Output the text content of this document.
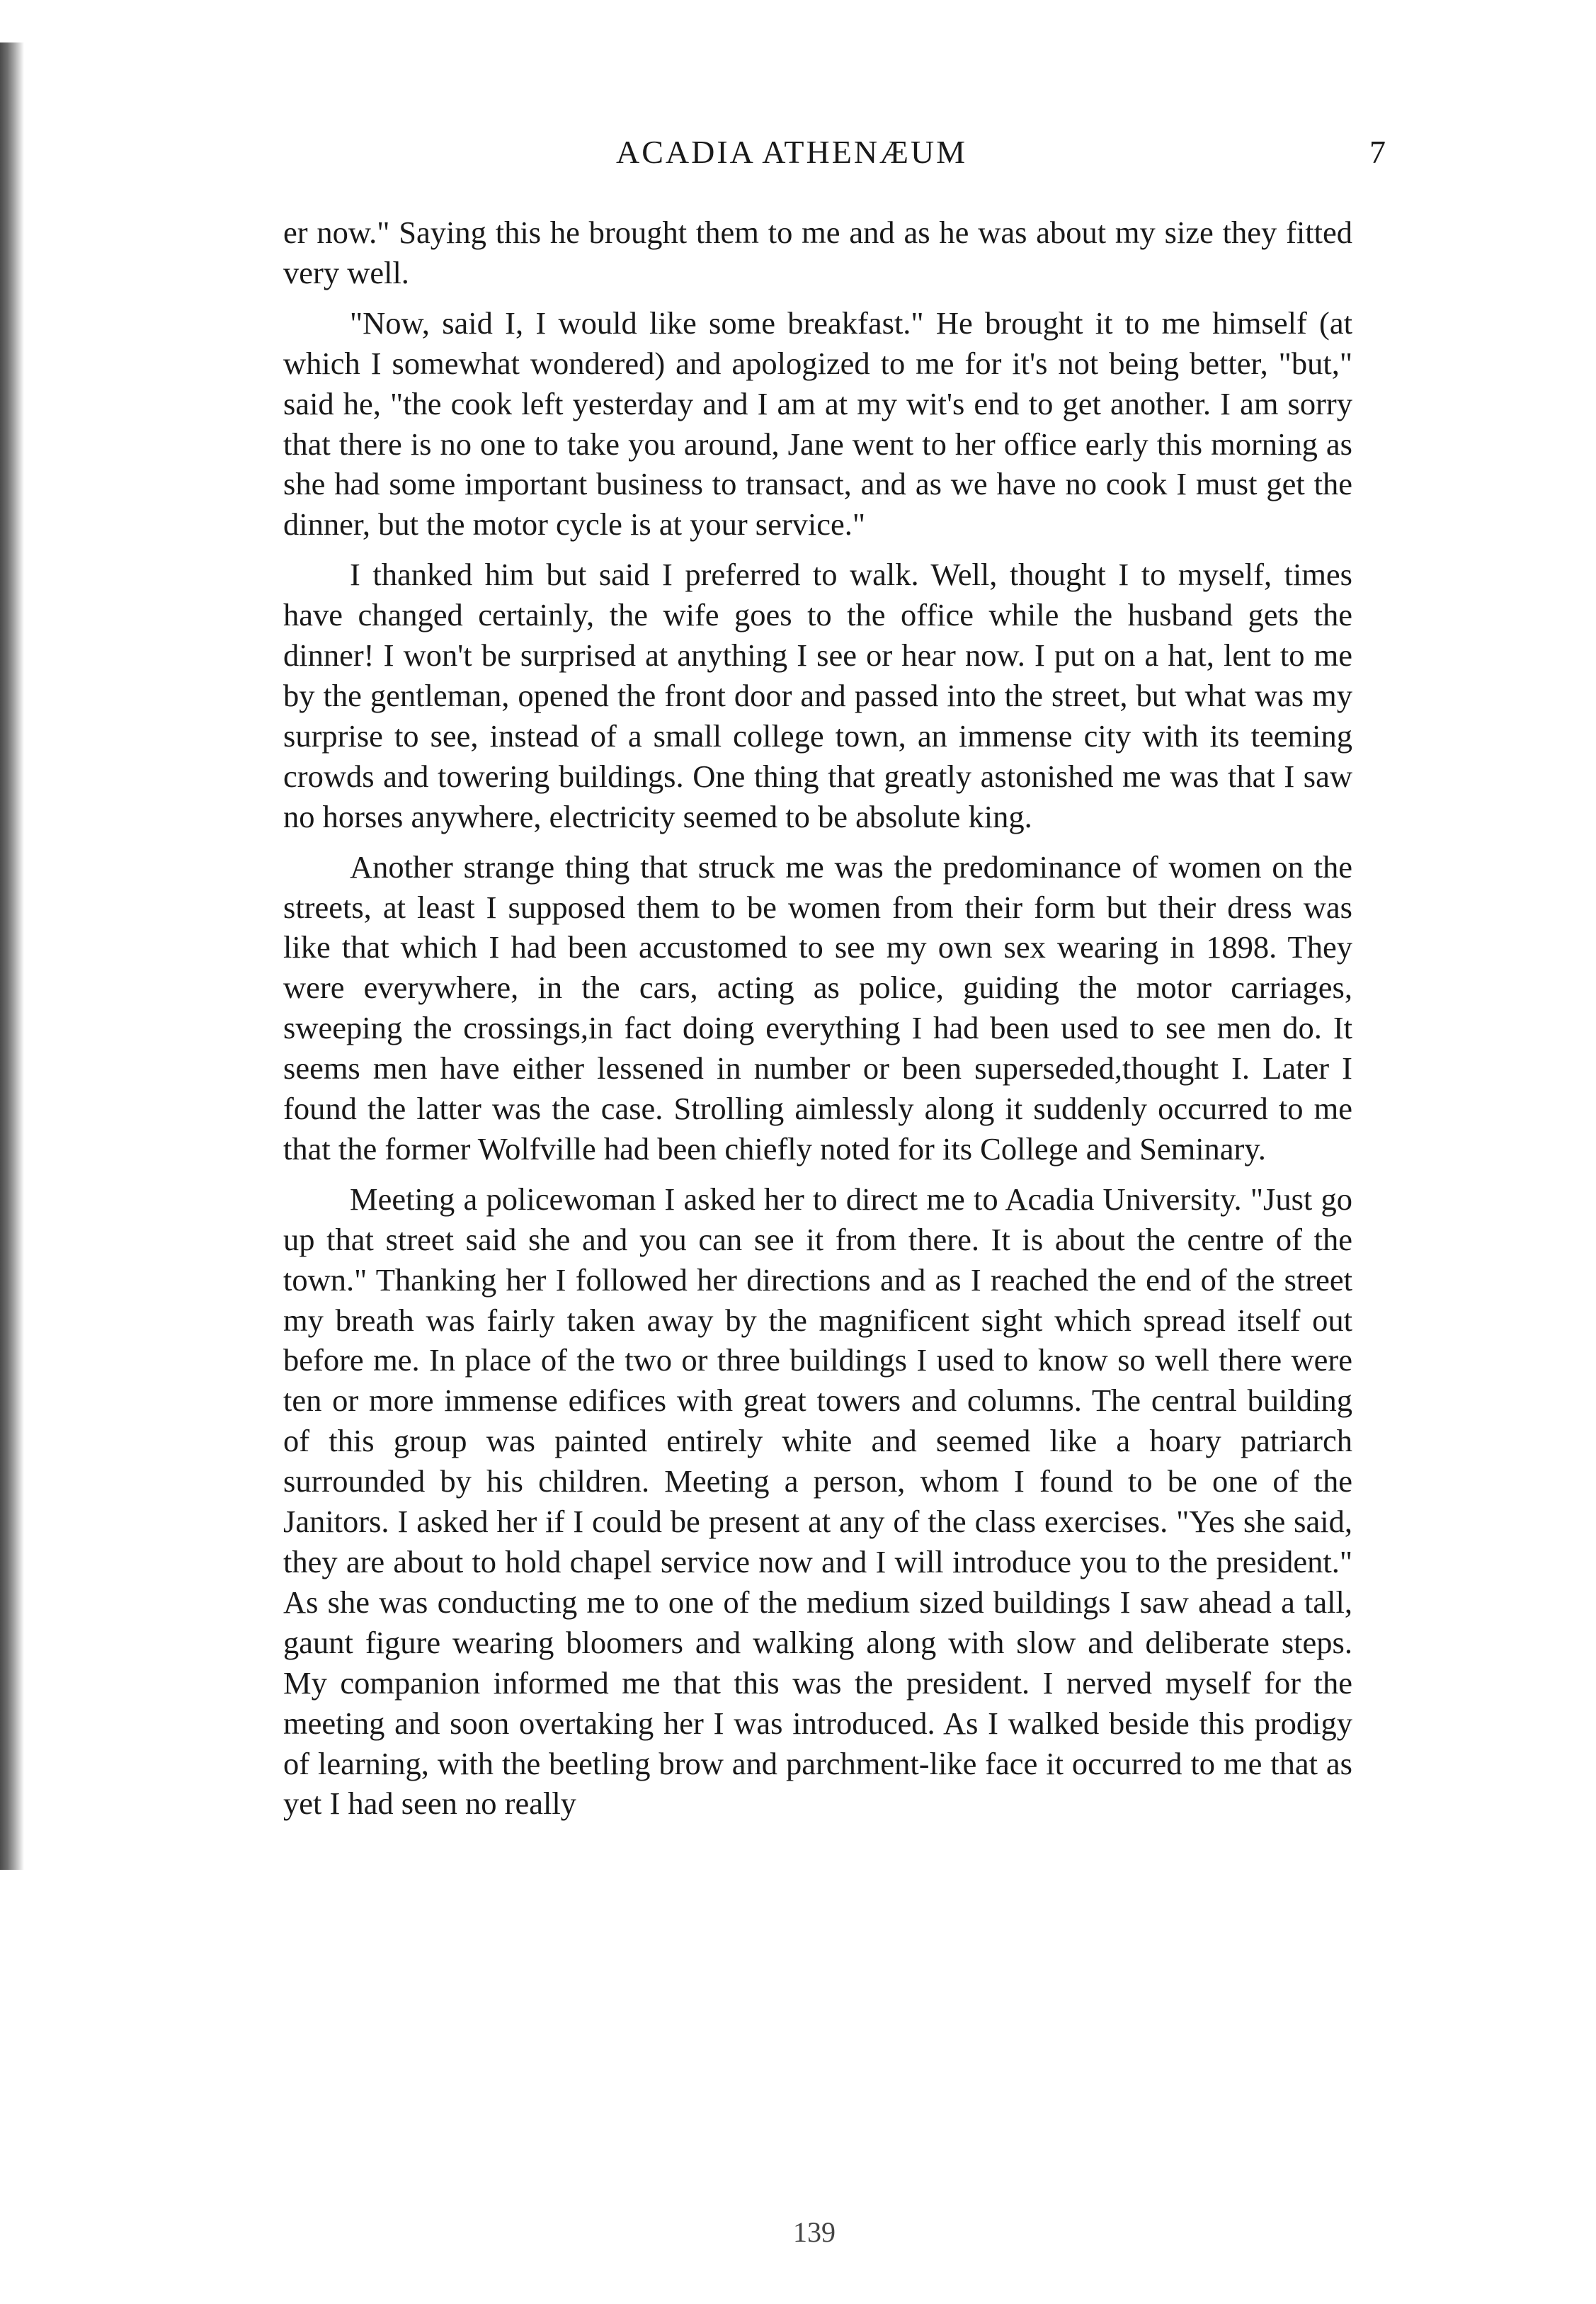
ACADIA ATHENÆUM	7

er now." Saying this he brought them to me and as he was about my size they fitted very well.

"Now, said I, I would like some breakfast." He brought it to me himself (at which I somewhat wondered) and apologized to me for it's not being better, "but," said he, "the cook left yesterday and I am at my wit's end to get another. I am sorry that there is no one to take you around, Jane went to her office early this morning as she had some important business to transact, and as we have no cook I must get the dinner, but the motor cycle is at your service."

I thanked him but said I preferred to walk. Well, thought I to myself, times have changed certainly, the wife goes to the office while the husband gets the dinner! I won't be surprised at anything I see or hear now. I put on a hat, lent to me by the gentleman, opened the front door and passed into the street, but what was my surprise to see, instead of a small college town, an immense city with its teeming crowds and towering buildings. One thing that greatly astonished me was that I saw no horses anywhere, electricity seemed to be absolute king.

Another strange thing that struck me was the predominance of women on the streets, at least I supposed them to be women from their form but their dress was like that which I had been accustomed to see my own sex wearing in 1898. They were everywhere, in the cars, acting as police, guiding the motor carriages, sweeping the crossings,in fact doing everything I had been used to see men do. It seems men have either lessened in number or been superseded,thought I. Later I found the latter was the case. Strolling aimlessly along it suddenly occurred to me that the former Wolfville had been chiefly noted for its College and Seminary.

Meeting a policewoman I asked her to direct me to Acadia University. "Just go up that street said she and you can see it from there. It is about the centre of the town." Thanking her I followed her directions and as I reached the end of the street my breath was fairly taken away by the magnificent sight which spread itself out before me. In place of the two or three buildings I used to know so well there were ten or more immense edifices with great towers and columns. The central building of this group was painted entirely white and seemed like a hoary patriarch surrounded by his children. Meeting a person, whom I found to be one of the Janitors. I asked her if I could be present at any of the class exercises. "Yes she said, they are about to hold chapel service now and I will introduce you to the president." As she was conducting me to one of the medium sized buildings I saw ahead a tall, gaunt figure wearing bloomers and walking along with slow and deliberate steps. My companion informed me that this was the president. I nerved myself for the meeting and soon overtaking her I was introduced. As I walked beside this prodigy of learning, with the beetling brow and parchment-like face it occurred to me that as yet I had seen no really

139
